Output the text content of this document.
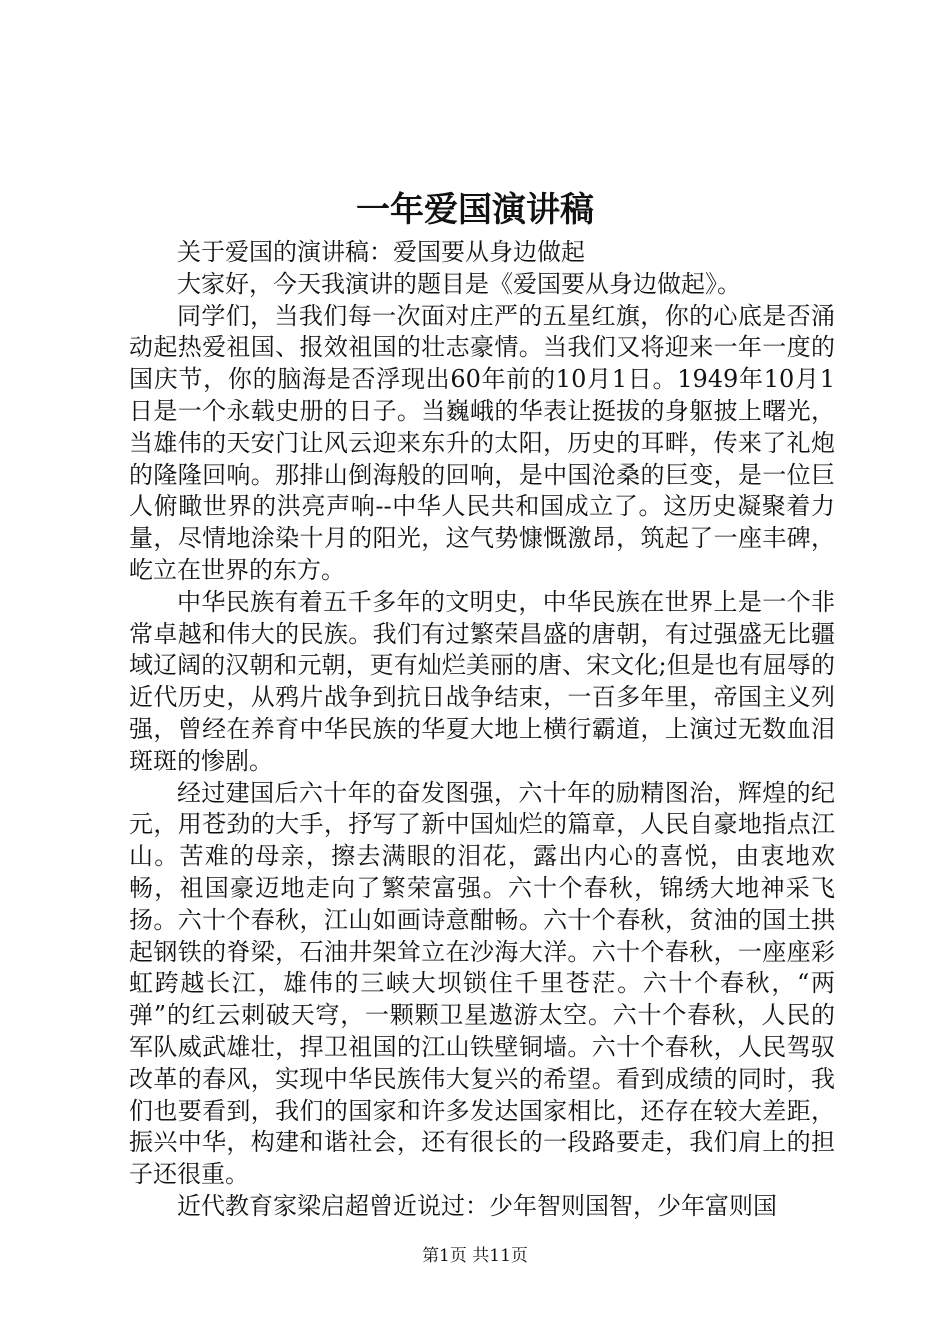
一年爱国演讲稿

关于爱国的演讲稿：爱国要从身边做起

大家好，今天我演讲的题目是《爱国要从身边做起》。

同学们，当我们每一次面对庄严的五星红旗，你的心底是否涌动起热爱祖国、报效祖国的壮志豪情。当我们又将迎来一年一度的国庆节，你的脑海是否浮现出60年前的10月1日。1949年10月1日是一个永载史册的日子。当巍峨的华表让挺拔的身躯披上曙光，当雄伟的天安门让风云迎来东升的太阳，历史的耳畔，传来了礼炮的隆隆回响。那排山倒海般的回响，是中国沧桑的巨变，是一位巨人俯瞰世界的洪亮声响--中华人民共和国成立了。这历史凝聚着力量，尽情地涂染十月的阳光，这气势慷慨激昂，筑起了一座丰碑，屹立在世界的东方。

中华民族有着五千多年的文明史，中华民族在世界上是一个非常卓越和伟大的民族。我们有过繁荣昌盛的唐朝，有过强盛无比疆域辽阔的汉朝和元朝，更有灿烂美丽的唐、宋文化;但是也有屈辱的近代历史，从鸦片战争到抗日战争结束，一百多年里，帝国主义列强，曾经在养育中华民族的华夏大地上横行霸道，上演过无数血泪斑斑的惨剧。

经过建国后六十年的奋发图强，六十年的励精图治，辉煌的纪元，用苍劲的大手，抒写了新中国灿烂的篇章，人民自豪地指点江山。苦难的母亲，擦去满眼的泪花，露出内心的喜悦，由衷地欢畅，祖国豪迈地走向了繁荣富强。六十个春秋，锦绣大地神采飞扬。六十个春秋，江山如画诗意酣畅。六十个春秋，贫油的国土拱起钢铁的脊梁，石油井架耸立在沙海大洋。六十个春秋，一座座彩虹跨越长江，雄伟的三峡大坝锁住千里苍茫。六十个春秋，“两弹”的红云刺破天穹，一颗颗卫星遨游太空。六十个春秋，人民的军队威武雄壮，捍卫祖国的江山铁壁铜墙。六十个春秋，人民驾驭改革的春风，实现中华民族伟大复兴的希望。看到成绩的同时，我们也要看到，我们的国家和许多发达国家相比，还存在较大差距，振兴中华，构建和谐社会，还有很长的一段路要走，我们肩上的担子还很重。

近代教育家梁启超曾近说过：少年智则国智，少年富则国

第1页 共11页
